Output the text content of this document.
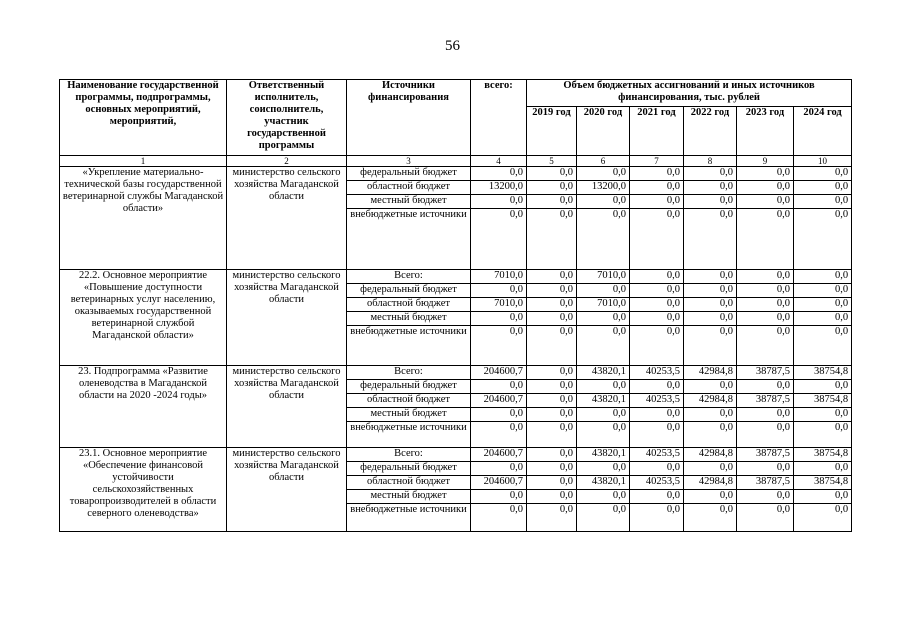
56
Наименование государственной программы, подпрограммы, основных мероприятий, мероприятий,	Ответственный исполнитель, соисполнитель, участник государственной программы	Источники финансирования	всего:	Объем бюджетных ассигнований и иных источников финансирования, тыс. рублей					
				2019 год	2020 год	2021 год	2022 год	2023 год	2024 год
1	2	3	4	5	6	7	8	9	10
«Укрепление материально-технической базы государственной ветеринарной службы Магаданской области»	министерство сельского хозяйства Магаданской области	федеральный бюджет	0,0	0,0	0,0	0,0	0,0	0,0	0,0
		областной бюджет	13200,0	0,0	13200,0	0,0	0,0	0,0	0,0
		местный бюджет	0,0	0,0	0,0	0,0	0,0	0,0	0,0
		внебюджетные источники	0,0	0,0	0,0	0,0	0,0	0,0	0,0
22.2. Основное мероприятие «Повышение доступности ветеринарных услуг населению, оказываемых государственной ветеринарной службой Магаданской области»	министерство сельского хозяйства Магаданской области	Всего:	7010,0	0,0	7010,0	0,0	0,0	0,0	0,0
		федеральный бюджет	0,0	0,0	0,0	0,0	0,0	0,0	0,0
		областной бюджет	7010,0	0,0	7010,0	0,0	0,0	0,0	0,0
		местный бюджет	0,0	0,0	0,0	0,0	0,0	0,0	0,0
		внебюджетные источники	0,0	0,0	0,0	0,0	0,0	0,0	0,0
23. Подпрограмма «Развитие оленеводства в Магаданской области на 2020 -2024 годы»	министерство сельского хозяйства Магаданской области	Всего:	204600,7	0,0	43820,1	40253,5	42984,8	38787,5	38754,8
		федеральный бюджет	0,0	0,0	0,0	0,0	0,0	0,0	0,0
		областной бюджет	204600,7	0,0	43820,1	40253,5	42984,8	38787,5	38754,8
		местный бюджет	0,0	0,0	0,0	0,0	0,0	0,0	0,0
		внебюджетные источники	0,0	0,0	0,0	0,0	0,0	0,0	0,0
23.1. Основное мероприятие «Обеспечение финансовой устойчивости сельскохозяйственных товаропроизводителей в области северного оленеводства»	министерство сельского хозяйства Магаданской области	Всего:	204600,7	0,0	43820,1	40253,5	42984,8	38787,5	38754,8
		федеральный бюджет	0,0	0,0	0,0	0,0	0,0	0,0	0,0
		областной бюджет	204600,7	0,0	43820,1	40253,5	42984,8	38787,5	38754,8
		местный бюджет	0,0	0,0	0,0	0,0	0,0	0,0	0,0
		внебюджетные источники	0,0	0,0	0,0	0,0	0,0	0,0	0,0
